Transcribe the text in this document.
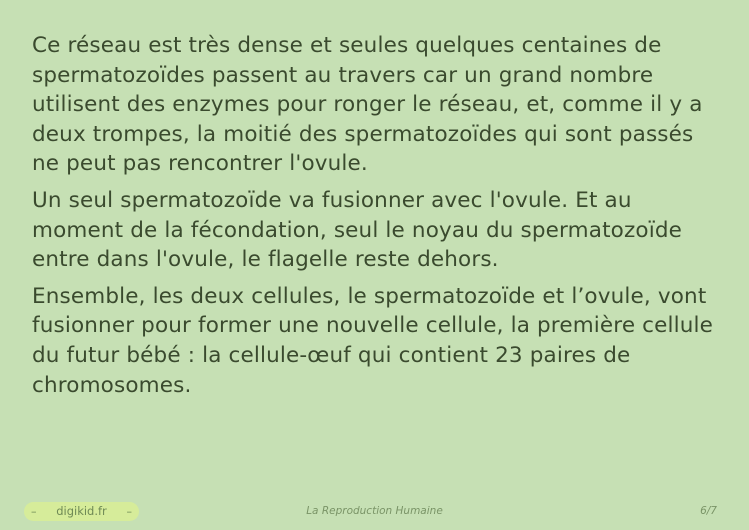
Ce réseau est très dense et seules quelques centaines de spermatozoïdes passent au travers car un grand nombre utilisent des enzymes pour ronger le réseau, et, comme il y a deux trompes, la moitié des spermatozoïdes qui sont passés ne peut pas rencontrer l'ovule.

Un seul spermatozoïde va fusionner avec l'ovule. Et au moment de la fécondation, seul le noyau du spermatozoïde entre dans l'ovule, le flagelle reste dehors.

Ensemble, les deux cellules, le spermatozoïde et l’ovule, vont fusionner pour former une nouvelle cellule, la première cellule du futur bébé : la cellule-œuf qui contient 23 paires de chromosomes.

– digikid.fr –	La Reproduction Humaine	6/7
